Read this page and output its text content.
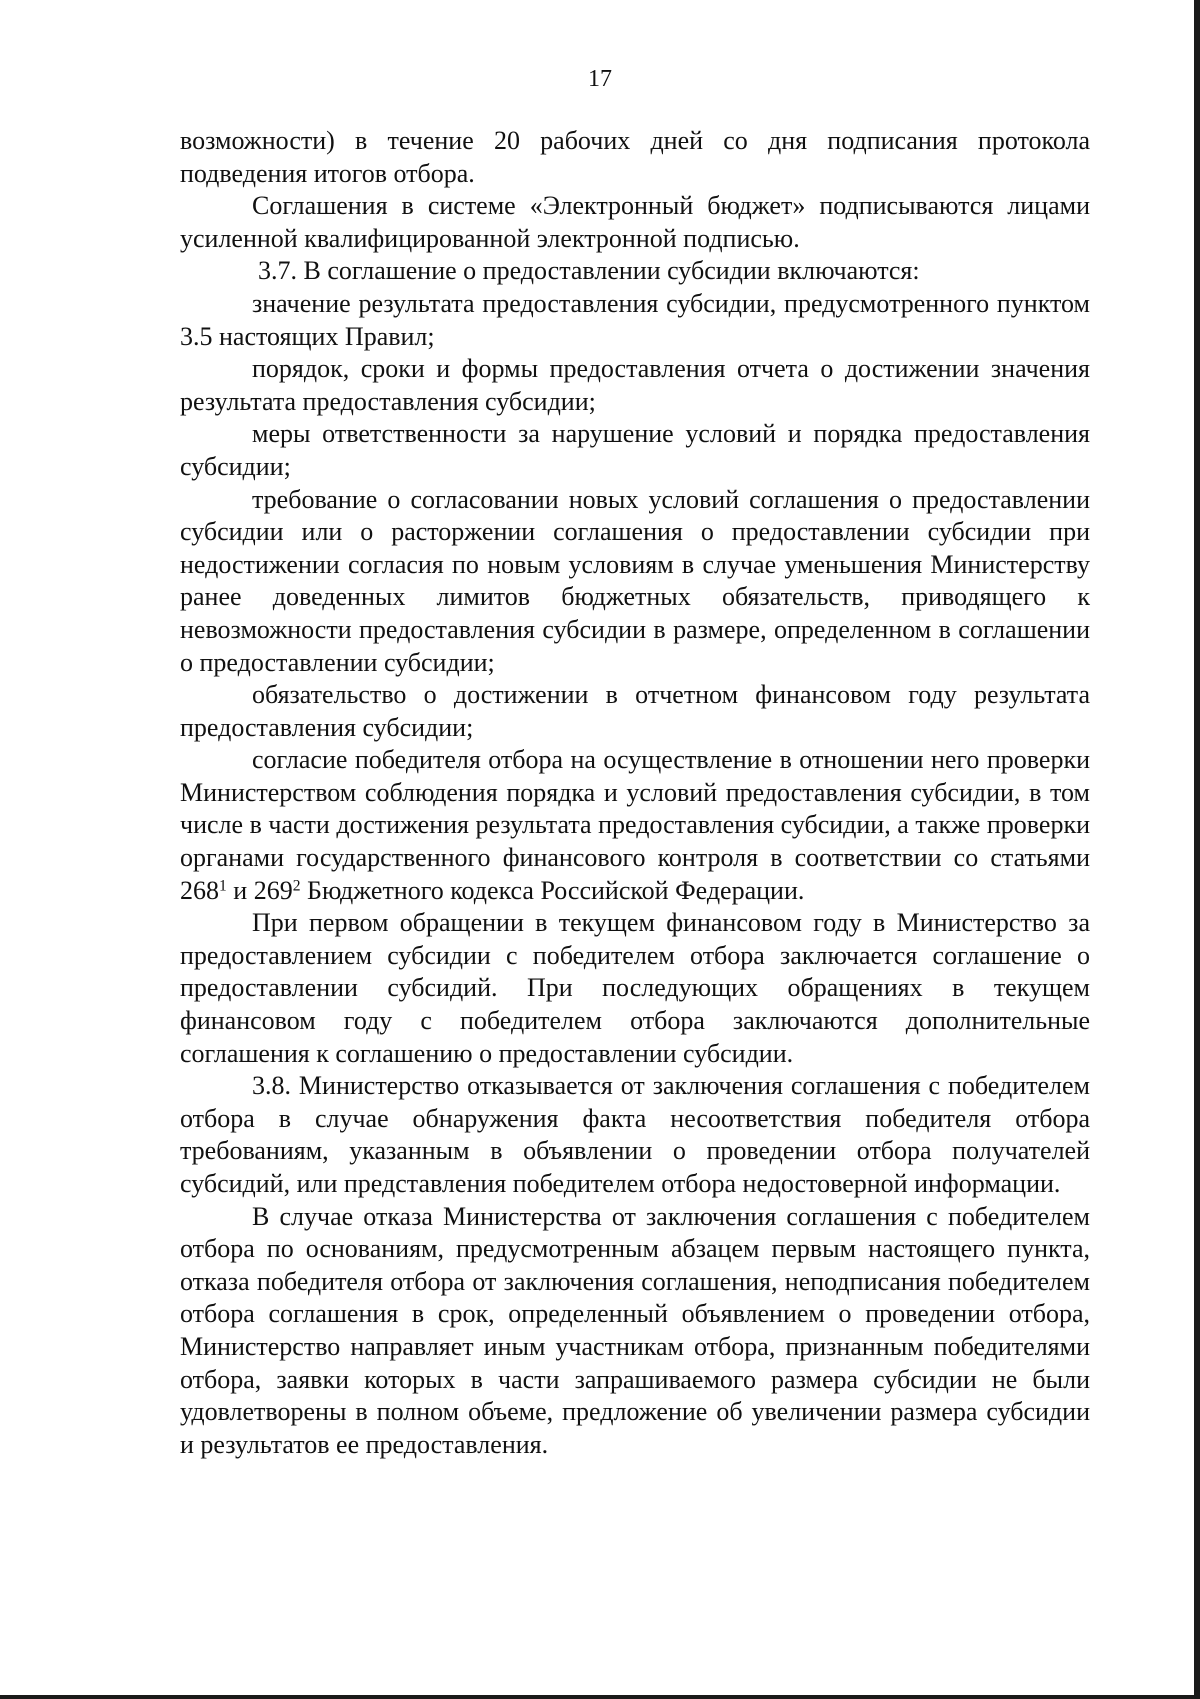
17

возможности) в течение 20 рабочих дней со дня подписания протокола подведения итогов отбора.

Соглашения в системе «Электронный бюджет» подписываются лицами усиленной квалифицированной электронной подписью.

3.7. В соглашение о предоставлении субсидии включаются:

значение результата предоставления субсидии, предусмотренного пунктом 3.5 настоящих Правил;

порядок, сроки и формы предоставления отчета о достижении значения результата предоставления субсидии;

меры ответственности за нарушение условий и порядка предоставления субсидии;

требование о согласовании новых условий соглашения о предоставлении субсидии или о расторжении соглашения о предоставлении субсидии при недостижении согласия по новым условиям в случае уменьшения Министерству ранее доведенных лимитов бюджетных обязательств, приводящего к невозможности предоставления субсидии в размере, определенном в соглашении о предоставлении субсидии;

обязательство о достижении в отчетном финансовом году результата предоставления субсидии;

согласие победителя отбора на осуществление в отношении него проверки Министерством соблюдения порядка и условий предоставления субсидии, в том числе в части достижения результата предоставления субсидии, а также проверки органами государственного финансового контроля в соответствии со статьями $268^1$ и $269^2$ Бюджетного кодекса Российской Федерации.

При первом обращении в текущем финансовом году в Министерство за предоставлением субсидии с победителем отбора заключается соглашение о предоставлении субсидий. При последующих обращениях в текущем финансовом году с победителем отбора заключаются дополнительные соглашения к соглашению о предоставлении субсидии.

3.8. Министерство отказывается от заключения соглашения с победителем отбора в случае обнаружения факта несоответствия победителя отбора требованиям, указанным в объявлении о проведении отбора получателей субсидий, или представления победителем отбора недостоверной информации.

В случае отказа Министерства от заключения соглашения с победителем отбора по основаниям, предусмотренным абзацем первым настоящего пункта, отказа победителя отбора от заключения соглашения, неподписания победителем отбора соглашения в срок, определенный объявлением о проведении отбора, Министерство направляет иным участникам отбора, признанным победителями отбора, заявки которых в части запрашиваемого размера субсидии не были удовлетворены в полном объеме, предложение об увеличении размера субсидии и результатов ее предоставления.
